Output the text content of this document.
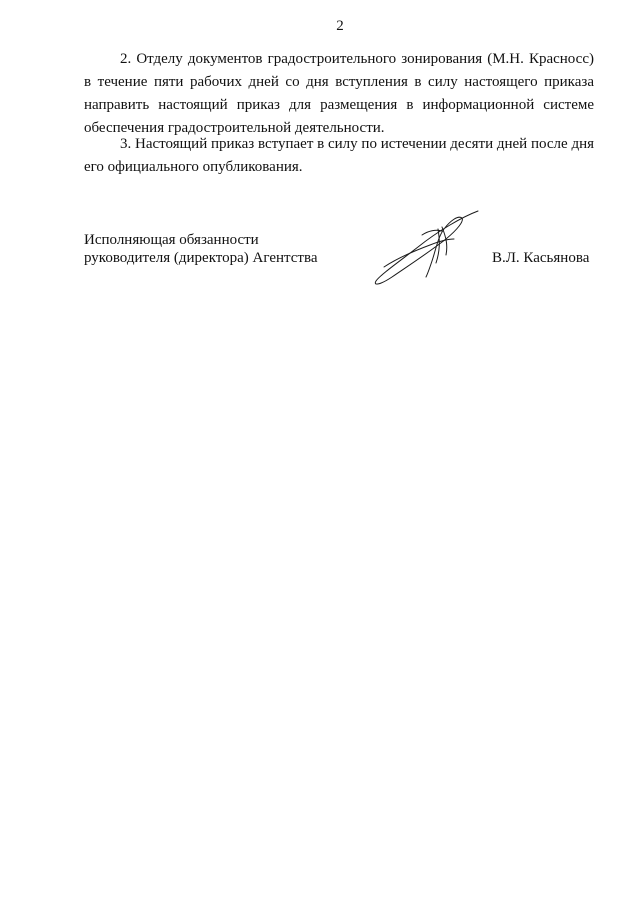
2
2. Отделу документов градостроительного зонирования (М.Н. Красносс)
в течение пяти рабочих дней со дня вступления в силу настоящего приказа
направить настоящий приказ для размещения в информационной системе
обеспечения градостроительной деятельности.
3. Настоящий приказ вступает в силу по истечении десяти дней после дня
его официального опубликования.
Исполняющая обязанности
руководителя (директора) Агентства	В.Л. Касьянова
